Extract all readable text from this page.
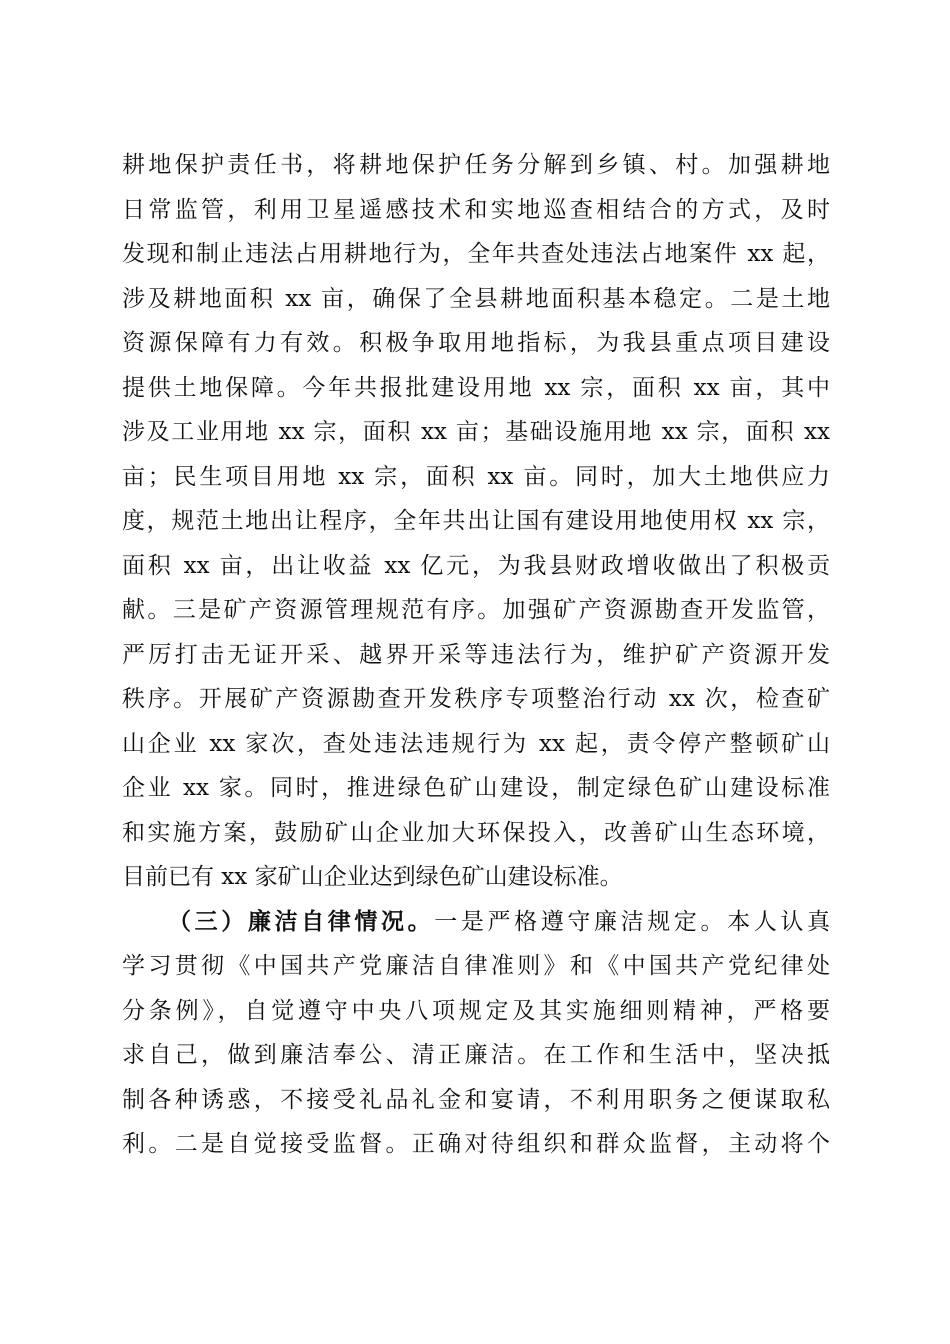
耕地保护责任书，将耕地保护任务分解到乡镇、村。加强耕地
日常监管，利用卫星遥感技术和实地巡查相结合的方式，及时
发现和制止违法占用耕地行为，全年共查处违法占地案件 xx 起，
涉及耕地面积 xx 亩，确保了全县耕地面积基本稳定。二是土地
资源保障有力有效。积极争取用地指标，为我县重点项目建设
提供土地保障。今年共报批建设用地 xx 宗，面积 xx 亩，其中
涉及工业用地 xx 宗，面积 xx 亩；基础设施用地 xx 宗，面积 xx
亩；民生项目用地 xx 宗，面积 xx 亩。同时，加大土地供应力
度，规范土地出让程序，全年共出让国有建设用地使用权 xx 宗，
面积 xx 亩，出让收益 xx 亿元，为我县财政增收做出了积极贡
献。三是矿产资源管理规范有序。加强矿产资源勘查开发监管，
严厉打击无证开采、越界开采等违法行为，维护矿产资源开发
秩序。开展矿产资源勘查开发秩序专项整治行动 xx 次，检查矿
山企业 xx 家次，查处违法违规行为 xx 起，责令停产整顿矿山
企业 xx 家。同时，推进绿色矿山建设，制定绿色矿山建设标准
和实施方案，鼓励矿山企业加大环保投入，改善矿山生态环境，
目前已有 xx 家矿山企业达到绿色矿山建设标准。
（三）廉洁自律情况。一是严格遵守廉洁规定。本人认真
学习贯彻《中国共产党廉洁自律准则》和《中国共产党纪律处
分条例》，自觉遵守中央八项规定及其实施细则精神，严格要
求自己，做到廉洁奉公、清正廉洁。在工作和生活中，坚决抵
制各种诱惑，不接受礼品礼金和宴请，不利用职务之便谋取私
利。二是自觉接受监督。正确对待组织和群众监督，主动将个
